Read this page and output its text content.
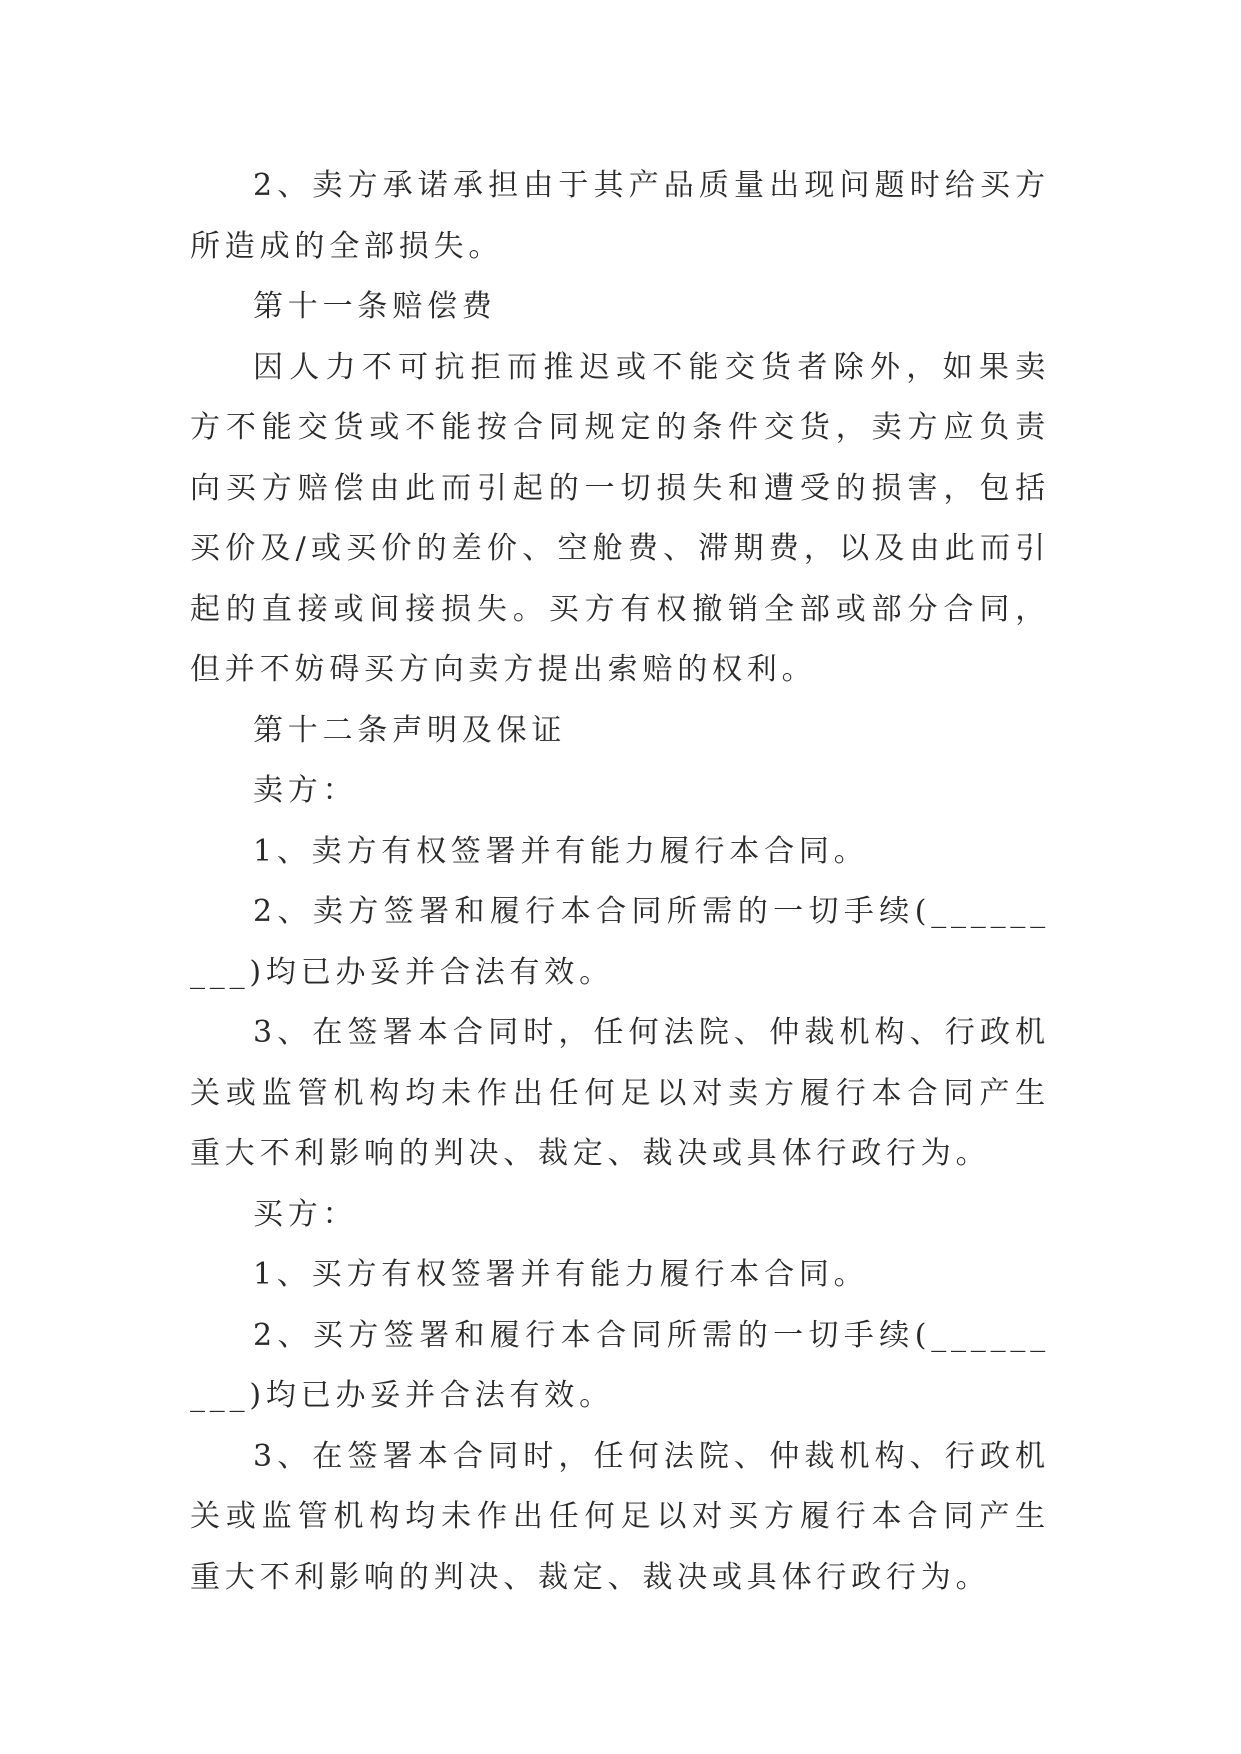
2、卖方承诺承担由于其产品质量出现问题时给买方所造成的全部损失。

第十一条赔偿费

因人力不可抗拒而推迟或不能交货者除外，如果卖方不能交货或不能按合同规定的条件交货，卖方应负责向买方赔偿由此而引起的一切损失和遭受的损害，包括买价及/或买价的差价、空舱费、滞期费，以及由此而引起的直接或间接损失。买方有权撤销全部或部分合同，但并不妨碍买方向卖方提出索赔的权利。

第十二条声明及保证

卖方：

1、卖方有权签署并有能力履行本合同。

2、卖方签署和履行本合同所需的一切手续(_________)均已办妥并合法有效。

3、在签署本合同时，任何法院、仲裁机构、行政机关或监管机构均未作出任何足以对卖方履行本合同产生重大不利影响的判决、裁定、裁决或具体行政行为。

买方：

1、买方有权签署并有能力履行本合同。

2、买方签署和履行本合同所需的一切手续(_________)均已办妥并合法有效。

3、在签署本合同时，任何法院、仲裁机构、行政机关或监管机构均未作出任何足以对买方履行本合同产生重大不利影响的判决、裁定、裁决或具体行政行为。
